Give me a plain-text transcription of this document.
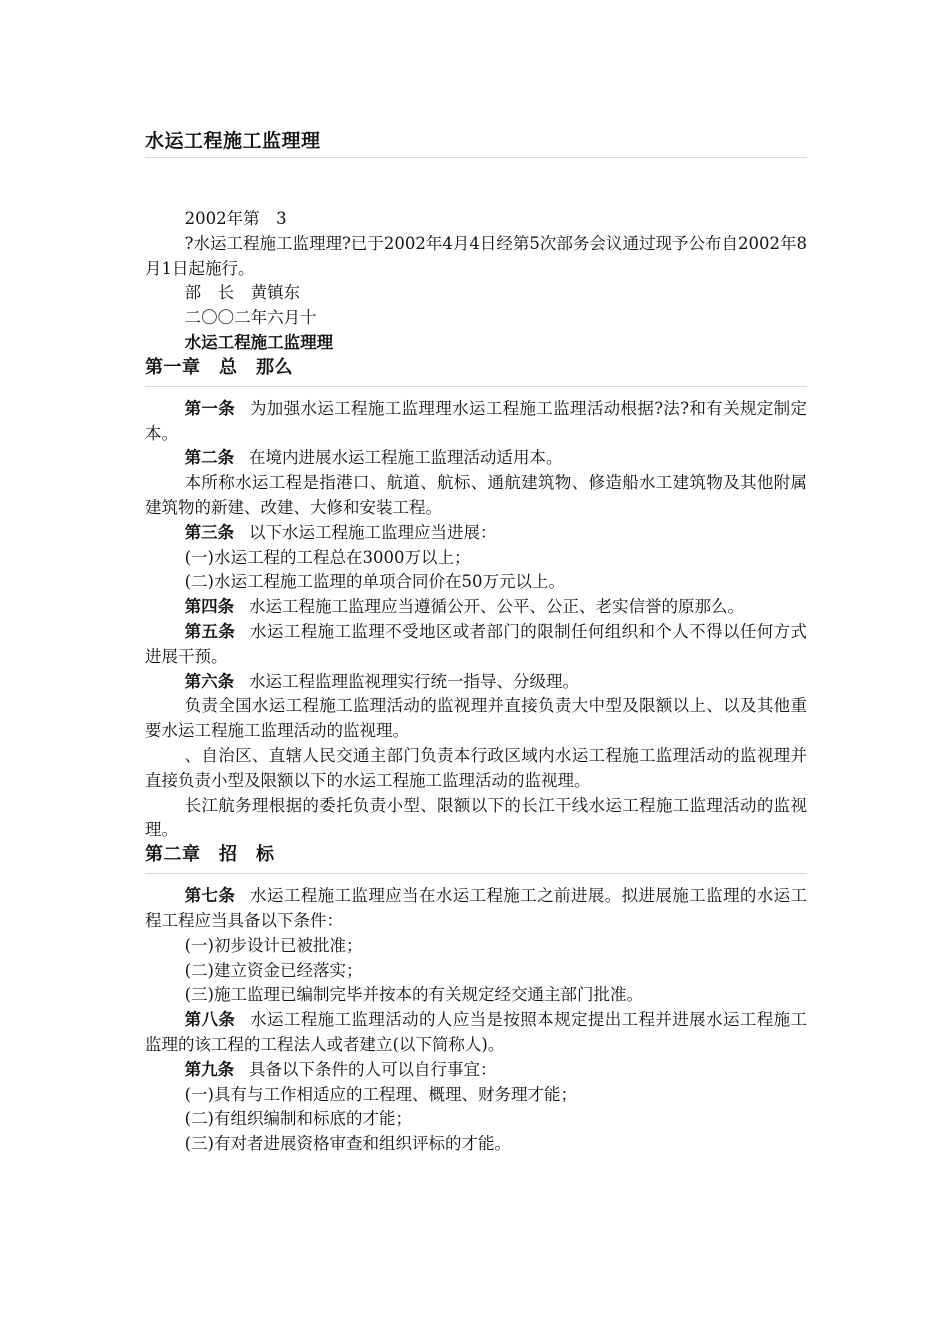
水运工程施工监理理

2002年第　3

?水运工程施工监理理?已于2002年4月4日经第5次部务会议通过现予公布自2002年8月1日起施行。

部　长　黄镇东

二〇〇二年六月十

水运工程施工监理理

第一章　总　那么

第一条 为加强水运工程施工监理理水运工程施工监理活动根据?法?和有关规定制定本。

第二条 在境内进展水运工程施工监理活动适用本。

本所称水运工程是指港口、航道、航标、通航建筑物、修造船水工建筑物及其他附属建筑物的新建、改建、大修和安装工程。

第三条 以下水运工程施工监理应当进展：

(一)水运工程的工程总在3000万以上；

(二)水运工程施工监理的单项合同价在50万元以上。

第四条 水运工程施工监理应当遵循公开、公平、公正、老实信誉的原那么。

第五条 水运工程施工监理不受地区或者部门的限制任何组织和个人不得以任何方式进展干预。

第六条 水运工程监理监视理实行统一指导、分级理。

负责全国水运工程施工监理活动的监视理并直接负责大中型及限额以上、以及其他重要水运工程施工监理活动的监视理。

、自治区、直辖人民交通主部门负责本行政区域内水运工程施工监理活动的监视理并直接负责小型及限额以下的水运工程施工监理活动的监视理。

长江航务理根据的委托负责小型、限额以下的长江干线水运工程施工监理活动的监视理。

第二章　招　标

第七条 水运工程施工监理应当在水运工程施工之前进展。拟进展施工监理的水运工程工程应当具备以下条件：

(一)初步设计已被批准；

(二)建立资金已经落实；

(三)施工监理已编制完毕并按本的有关规定经交通主部门批准。

第八条 水运工程施工监理活动的人应当是按照本规定提出工程并进展水运工程施工监理的该工程的工程法人或者建立(以下简称人)。

第九条 具备以下条件的人可以自行事宜：

(一)具有与工作相适应的工程理、概理、财务理才能；

(二)有组织编制和标底的才能；

(三)有对者进展资格审查和组织评标的才能。
